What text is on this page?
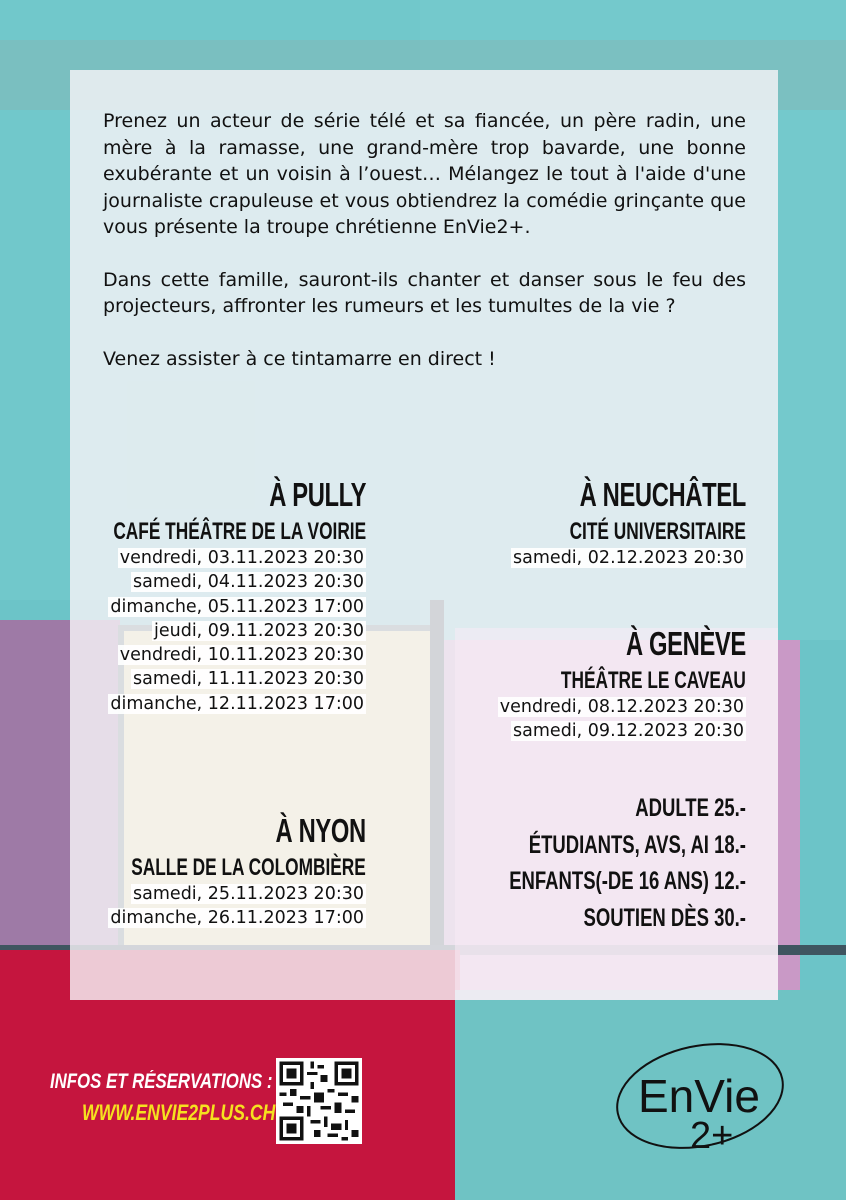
Prenez un acteur de série télé et sa fiancée, un père radin, une mère à la ramasse, une grand-mère trop bavarde, une bonne exubérante et un voisin à l’ouest… Mélangez le tout à l'aide d'une journaliste crapuleuse et vous obtiendrez la comédie grinçante que vous présente la troupe chrétienne EnVie2+.

Dans cette famille, sauront-ils chanter et danser sous le feu des projecteurs, affronter les rumeurs et les tumultes de la vie ?

Venez assister à ce tintamarre en direct !

À PULLY
CAFÉ THÉÂTRE DE LA VOIRIE
vendredi, 03.11.2023 20:30
samedi, 04.11.2023 20:30
dimanche, 05.11.2023 17:00
jeudi, 09.11.2023 20:30
vendredi, 10.11.2023 20:30
samedi, 11.11.2023 20:30
dimanche, 12.11.2023 17:00
À NYON
SALLE DE LA COLOMBIÈRE
samedi, 25.11.2023 20:30
dimanche, 26.11.2023 17:00
À NEUCHÂTEL
CITÉ UNIVERSITAIRE
samedi, 02.12.2023 20:30
À GENÈVE
THÉÂTRE LE CAVEAU
vendredi, 08.12.2023 20:30
samedi, 09.12.2023 20:30
ADULTE 25.-
ÉTUDIANTS, AVS, AI 18.-
ENFANTS(-DE 16 ANS) 12.-
SOUTIEN DÈS 30.-
INFOS ET RÉSERVATIONS :
WWW.ENVIE2PLUS.CH	EnVie
2+
